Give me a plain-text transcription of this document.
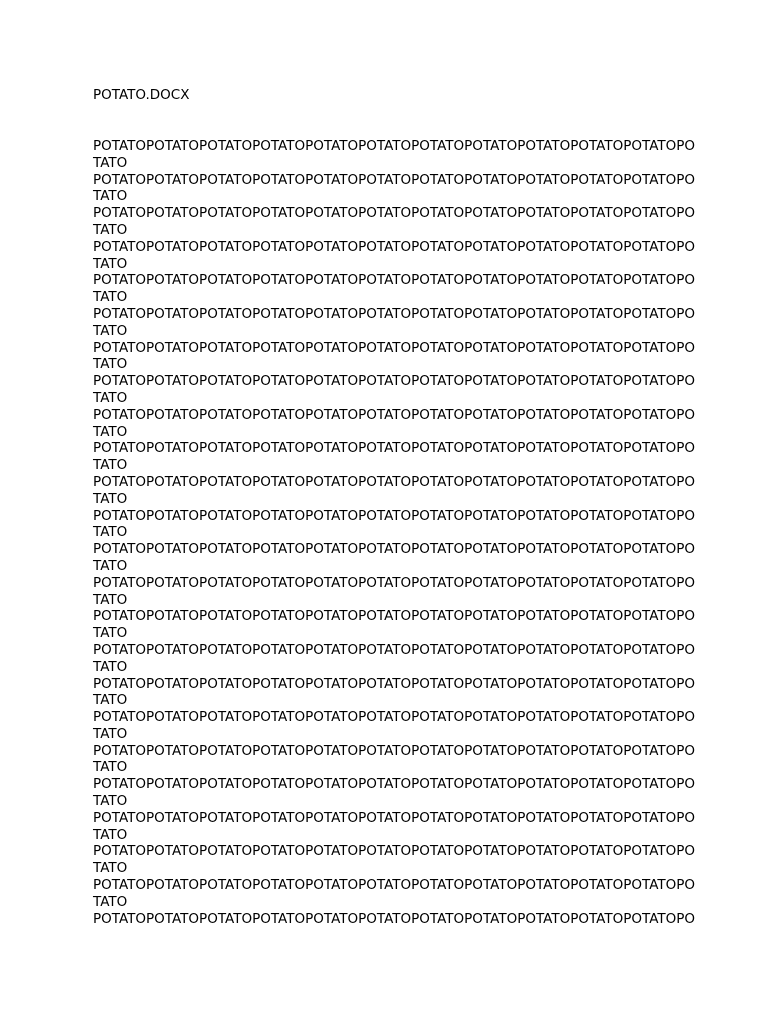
POTATO.DOCX
POTATOPOTATOPOTATOPOTATOPOTATOPOTATOPOTATOPOTATOPOTATOPOTATOPOTATOPO
TATO
POTATOPOTATOPOTATOPOTATOPOTATOPOTATOPOTATOPOTATOPOTATOPOTATOPOTATOPO
TATO
POTATOPOTATOPOTATOPOTATOPOTATOPOTATOPOTATOPOTATOPOTATOPOTATOPOTATOPO
TATO
POTATOPOTATOPOTATOPOTATOPOTATOPOTATOPOTATOPOTATOPOTATOPOTATOPOTATOPO
TATO
POTATOPOTATOPOTATOPOTATOPOTATOPOTATOPOTATOPOTATOPOTATOPOTATOPOTATOPO
TATO
POTATOPOTATOPOTATOPOTATOPOTATOPOTATOPOTATOPOTATOPOTATOPOTATOPOTATOPO
TATO
POTATOPOTATOPOTATOPOTATOPOTATOPOTATOPOTATOPOTATOPOTATOPOTATOPOTATOPO
TATO
POTATOPOTATOPOTATOPOTATOPOTATOPOTATOPOTATOPOTATOPOTATOPOTATOPOTATOPO
TATO
POTATOPOTATOPOTATOPOTATOPOTATOPOTATOPOTATOPOTATOPOTATOPOTATOPOTATOPO
TATO
POTATOPOTATOPOTATOPOTATOPOTATOPOTATOPOTATOPOTATOPOTATOPOTATOPOTATOPO
TATO
POTATOPOTATOPOTATOPOTATOPOTATOPOTATOPOTATOPOTATOPOTATOPOTATOPOTATOPO
TATO
POTATOPOTATOPOTATOPOTATOPOTATOPOTATOPOTATOPOTATOPOTATOPOTATOPOTATOPO
TATO
POTATOPOTATOPOTATOPOTATOPOTATOPOTATOPOTATOPOTATOPOTATOPOTATOPOTATOPO
TATO
POTATOPOTATOPOTATOPOTATOPOTATOPOTATOPOTATOPOTATOPOTATOPOTATOPOTATOPO
TATO
POTATOPOTATOPOTATOPOTATOPOTATOPOTATOPOTATOPOTATOPOTATOPOTATOPOTATOPO
TATO
POTATOPOTATOPOTATOPOTATOPOTATOPOTATOPOTATOPOTATOPOTATOPOTATOPOTATOPO
TATO
POTATOPOTATOPOTATOPOTATOPOTATOPOTATOPOTATOPOTATOPOTATOPOTATOPOTATOPO
TATO
POTATOPOTATOPOTATOPOTATOPOTATOPOTATOPOTATOPOTATOPOTATOPOTATOPOTATOPO
TATO
POTATOPOTATOPOTATOPOTATOPOTATOPOTATOPOTATOPOTATOPOTATOPOTATOPOTATOPO
TATO
POTATOPOTATOPOTATOPOTATOPOTATOPOTATOPOTATOPOTATOPOTATOPOTATOPOTATOPO
TATO
POTATOPOTATOPOTATOPOTATOPOTATOPOTATOPOTATOPOTATOPOTATOPOTATOPOTATOPO
TATO
POTATOPOTATOPOTATOPOTATOPOTATOPOTATOPOTATOPOTATOPOTATOPOTATOPOTATOPO
TATO
POTATOPOTATOPOTATOPOTATOPOTATOPOTATOPOTATOPOTATOPOTATOPOTATOPOTATOPO
TATO
POTATOPOTATOPOTATOPOTATOPOTATOPOTATOPOTATOPOTATOPOTATOPOTATOPOTATOPO
